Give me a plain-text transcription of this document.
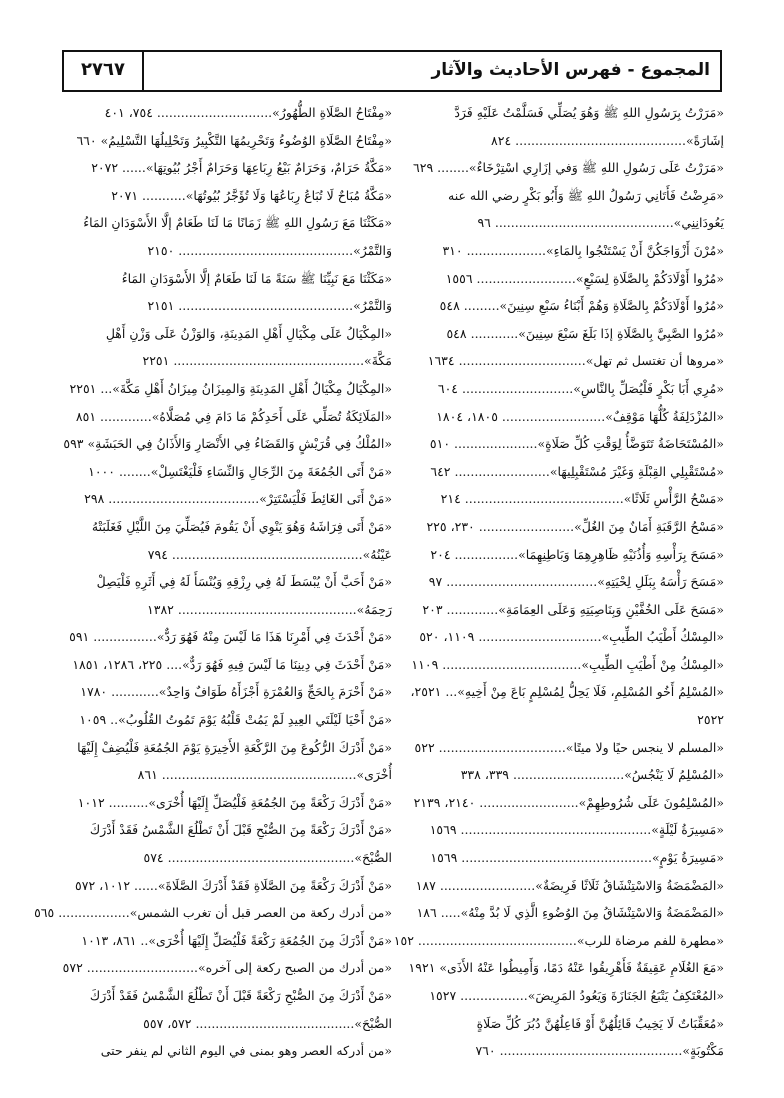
المجموع - فهرس الأحاديث والآثار
٢٧٦٧
«مَرَرْتُ بِرَسُولِ اللهِ ﷺ وَهُوَ يُصَلِّي فَسَلَّمْتُ عَلَيْهِ فَرَدَّ
إشَارَةً»........................................... ٨٢٤
«مَرَرْتُ عَلَى رَسُولِ اللهِ ﷺ وَفي إزَارِي اسْتِرْخَاءٌ»........ ٦٢٩
«مَرِضْتُ فَأَتَانِي رَسُولُ اللهِ ﷺ وَأَبُو بَكْرٍ رضي الله عنه
يَعُودَانِنِي»............................................. ٩٦
«مُرْنَ أَزْوَاجَكُنَّ أَنْ يَسْتَنْجُوا بِالمَاءِ».................... ٣١٠
«مُرُوا أَوْلَادَكُمْ بِالصَّلَاةِ لِسَبْعٍ»......................... ١٥٥٦
«مُرُوا أَوْلَادَكُمْ بِالصَّلَاةِ وَهُمْ أَبْنَاءُ سَبْعِ سِنِينَ»......... ٥٤٨
«مُرُوا الصَّبِيَّ بِالصَّلَاةِ إذَا بَلَغَ سَبْعَ سِنِينَ»............ ٥٤٨
«مروها أن تغتسل ثم تهل»................................ ١٦٣٤
«مُرِي أَبَا بَكْرٍ فَلْيُصَلِّ بِالنَّاسِ»............................ ٦٠٤
«المُزْدَلِفَةُ كُلُّهَا مَوْقِفٌ».......................... ١٨٠٥، ١٨٠٤
«المُسْتَحَاضَةُ تَتَوَضَّأُ لِوَقْتِ كُلِّ صَلَاةٍ»..................... ٥١٠
«مُسْتَقْبِلِي القِبْلَةِ وَغَيْرَ مُسْتَقْبِلِيهَا»........................ ٦٤٢
«مَسْحُ الرَّأْسِ ثَلَاثًا»........................................ ٢١٤
«مَسْحُ الرَّقَبَةِ أَمَانٌ مِنَ الغُلِّ»........................ ٢٣٠، ٢٢٥
«مَسَحَ بِرَأْسِهِ وَأُذُنَيْهِ ظَاهِرِهِمَا وَبَاطِنِهِمَا»................ ٢٠٤
«مَسَحَ رَأْسَهُ بِبَلَلِ لِحْيَتِهِ»...................................... ٩٧
«مَسَحَ عَلَى الخُفَّيْنِ وَبِنَاصِيَتِهِ وَعَلَى العِمَامَةِ»............. ٢٠٣
«المِسْكُ أَطْيَبُ الطِّيبِ»............................... ١١٠٩، ٥٢٠
«المِسْكُ مِنْ أَطْيَبِ الطِّيبِ»................................... ١١٠٩
«المُسْلِمُ أَخُو المُسْلِمِ، فَلَا يَحِلُّ لِمُسْلِمٍ بَاعَ مِنْ أَخِيهِ»... ٢٥٢١،
٢٥٢٢
«المسلم لا ينجس حيًا ولا ميتًا»................................ ٥٢٢
«المُسْلِمُ لَا يَنْجُسُ»............................ ٣٣٩، ٣٣٨
«المُسْلِمُونَ عَلَى شُرُوطِهِمْ»......................... ٢١٤٠، ٢١٣٩
«مَسِيرَةُ لَيْلَةٍ»................................................ ١٥٦٩
«مَسِيرَةُ يَوْمٍ»................................................ ١٥٦٩
«المَضْمَضَةُ وَالاسْتِنْشَاقُ ثَلَاثًا فَرِيضَةٌ»........................ ١٨٧
«المَضْمَضَةُ وَالاسْتِنْشَاقُ مِنَ الوُضُوءِ الَّذِي لَا بُدَّ مِنْهُ»..... ١٨٦
«مطهرة للفم مرضاة للرب»........................................ ١٥٢
«مَعَ الغُلَامِ عَقِيقَةٌ فَأَهْرِيقُوا عَنْهُ دَمًا، وَأَمِيطُوا عَنْهُ الأَذَى» ١٩٢١
«المُعْتَكِفُ يَتْبَعُ الجَنَازَةَ وَيَعُودُ المَرِيضَ»................. ١٥٢٧
«مُعَقِّبَاتٌ لَا يَخِيبُ قَائِلُهُنَّ أَوْ فَاعِلُهُنَّ دُبُرَ كُلِّ صَلَاةٍ
مَكْتُوبَةٍ».............................................. ٧٦٠
«مِفْتَاحُ الصَّلَاةِ الطُّهُورُ»............................. ٧٥٤، ٤٠١
«مِفْتَاحُ الصَّلَاةِ الوُضُوءُ وَتَحْرِيمُهَا التَّكْبِيرُ وَتَحْلِيلُهَا التَّسْلِيمُ» ٦٦٠
«مَكَّةُ حَرَامٌ، وَحَرَامٌ بَيْعُ رِبَاعِهَا وَحَرَامٌ أَجْرُ بُيُوتِهَا»...... ٢٠٧٢
«مَكَّةُ مُبَاحٌ لَا تُبَاعُ رِبَاعُهَا وَلَا تُؤَجَّرُ بُيُوتُهَا»........... ٢٠٧١
«مَكَثْنَا مَعَ رَسُولِ اللهِ ﷺ زَمَانًا مَا لَنَا طَعَامٌ إلَّا الأَسْوَدَانِ المَاءُ
وَالتَّمْرُ»............................................ ٢١٥٠
«مَكَثْنَا مَعَ نَبِيِّنَا ﷺ سَنَةً مَا لَنَا طَعَامٌ إلَّا الأَسْوَدَانِ المَاءُ
وَالتَّمْرُ»............................................ ٢١٥١
«المِكْيَالُ عَلَى مِكْيَالِ أَهْلِ المَدِينَةِ، وَالوَزْنُ عَلَى وَزْنِ أَهْلِ
مَكَّةَ»................................................ ٢٢٥١
«المِكْيَالُ مِكْيَالُ أَهْلِ المَدِينَةِ وَالمِيزَانُ مِيزَانُ أَهْلِ مَكَّةَ»... ٢٢٥١
«المَلَائِكَةُ تُصَلِّي عَلَى أَحَدِكُمْ مَا دَامَ فِي مُصَلَّاهُ»............. ٨٥١
«المُلْكُ فِي قُرَيْشٍ وَالقَضَاءُ فِي الأَنْصَارِ وَالأَذَانُ فِي الحَبَشَةِ» ٥٩٣
«مَنْ أَتَى الجُمُعَةَ مِنَ الرِّجَالِ وَالنِّسَاءِ فَلْيَغْتَسِلْ»........ ١٠٠٠
«مَنْ أَتَى الغَائِطَ فَلْيَسْتَتِرْ»...................................... ٢٩٨
«مَنْ أَتَى فِرَاشَهُ وَهُوَ يَنْوِي أَنْ يَقُومَ فَيُصَلِّيَ مِنَ اللَّيْلِ فَغَلَبَتْهُ
عَيْنُهُ»................................................ ٧٩٤
«مَنْ أَحَبَّ أَنْ يُبْسَطَ لَهُ فِي رِزْقِهِ وَيُنْسَأَ لَهُ فِي أَثَرِهِ فَلْيَصِلْ
رَحِمَهُ»............................................. ١٣٨٢
«مَنْ أَحْدَثَ فِي أَمْرِنَا هَذَا مَا لَيْسَ مِنْهُ فَهُوَ رَدٌّ»................ ٥٩١
«مَنْ أَحْدَثَ فِي دِينِنَا مَا لَيْسَ فِيهِ فَهُوَ رَدٌّ».... ٢٢٥، ١٢٨٦، ١٨٥١
«مَنْ أَحْرَمَ بِالحَجِّ وَالعُمْرَةِ أَجْزَأَهُ طَوَافٌ وَاحِدٌ»............ ١٧٨٠
«مَنْ أَحْيَا لَيْلَتَي العِيدِ لَمْ يَمُتْ قَلْبُهُ يَوْمَ تَمُوتُ القُلُوبُ».. ١٠٥٩
«مَنْ أَدْرَكَ الرُّكُوعَ مِنَ الرَّكْعَةِ الأَخِيرَةِ يَوْمَ الجُمُعَةِ فَلْيُضِفْ إِلَيْهَا
أُخْرَى»................................................. ٨٦١
«مَنْ أَدْرَكَ رَكْعَةً مِنَ الجُمُعَةِ فَلْيُصَلِّ إِلَيْهَا أُخْرَى».......... ١٠١٢
«مَنْ أَدْرَكَ رَكْعَةً مِنَ الصُّبْحِ قَبْلَ أَنْ تَطْلُعَ الشَّمْسُ فَقَدْ أَدْرَكَ
الصُّبْحَ»............................................... ٥٧٤
«مَنْ أَدْرَكَ رَكْعَةً مِنَ الصَّلَاةِ فَقَدْ أَدْرَكَ الصَّلَاةَ»...... ١٠١٢، ٥٧٢
«من أدرك ركعة من العصر قبل أن تغرب الشمس».................. ٥٦٥
«مَنْ أَدْرَكَ مِنَ الجُمُعَةِ رَكْعَةً فَلْيُصَلِّ إِلَيْهَا أُخْرَى».. ٨٦١، ١٠١٣
«من أدرك من الصبح ركعة إلى آخره»............................ ٥٧٢
«مَنْ أَدْرَكَ مِنَ الصُّبْحِ رَكْعَةً قَبْلَ أَنْ تَطْلُعَ الشَّمْسُ فَقَدْ أَدْرَكَ
الصُّبْحَ»........................................ ٥٧٢، ٥٥٧
«من أدركه العصر وهو بمنى في اليوم الثاني لم ينفر حتى
